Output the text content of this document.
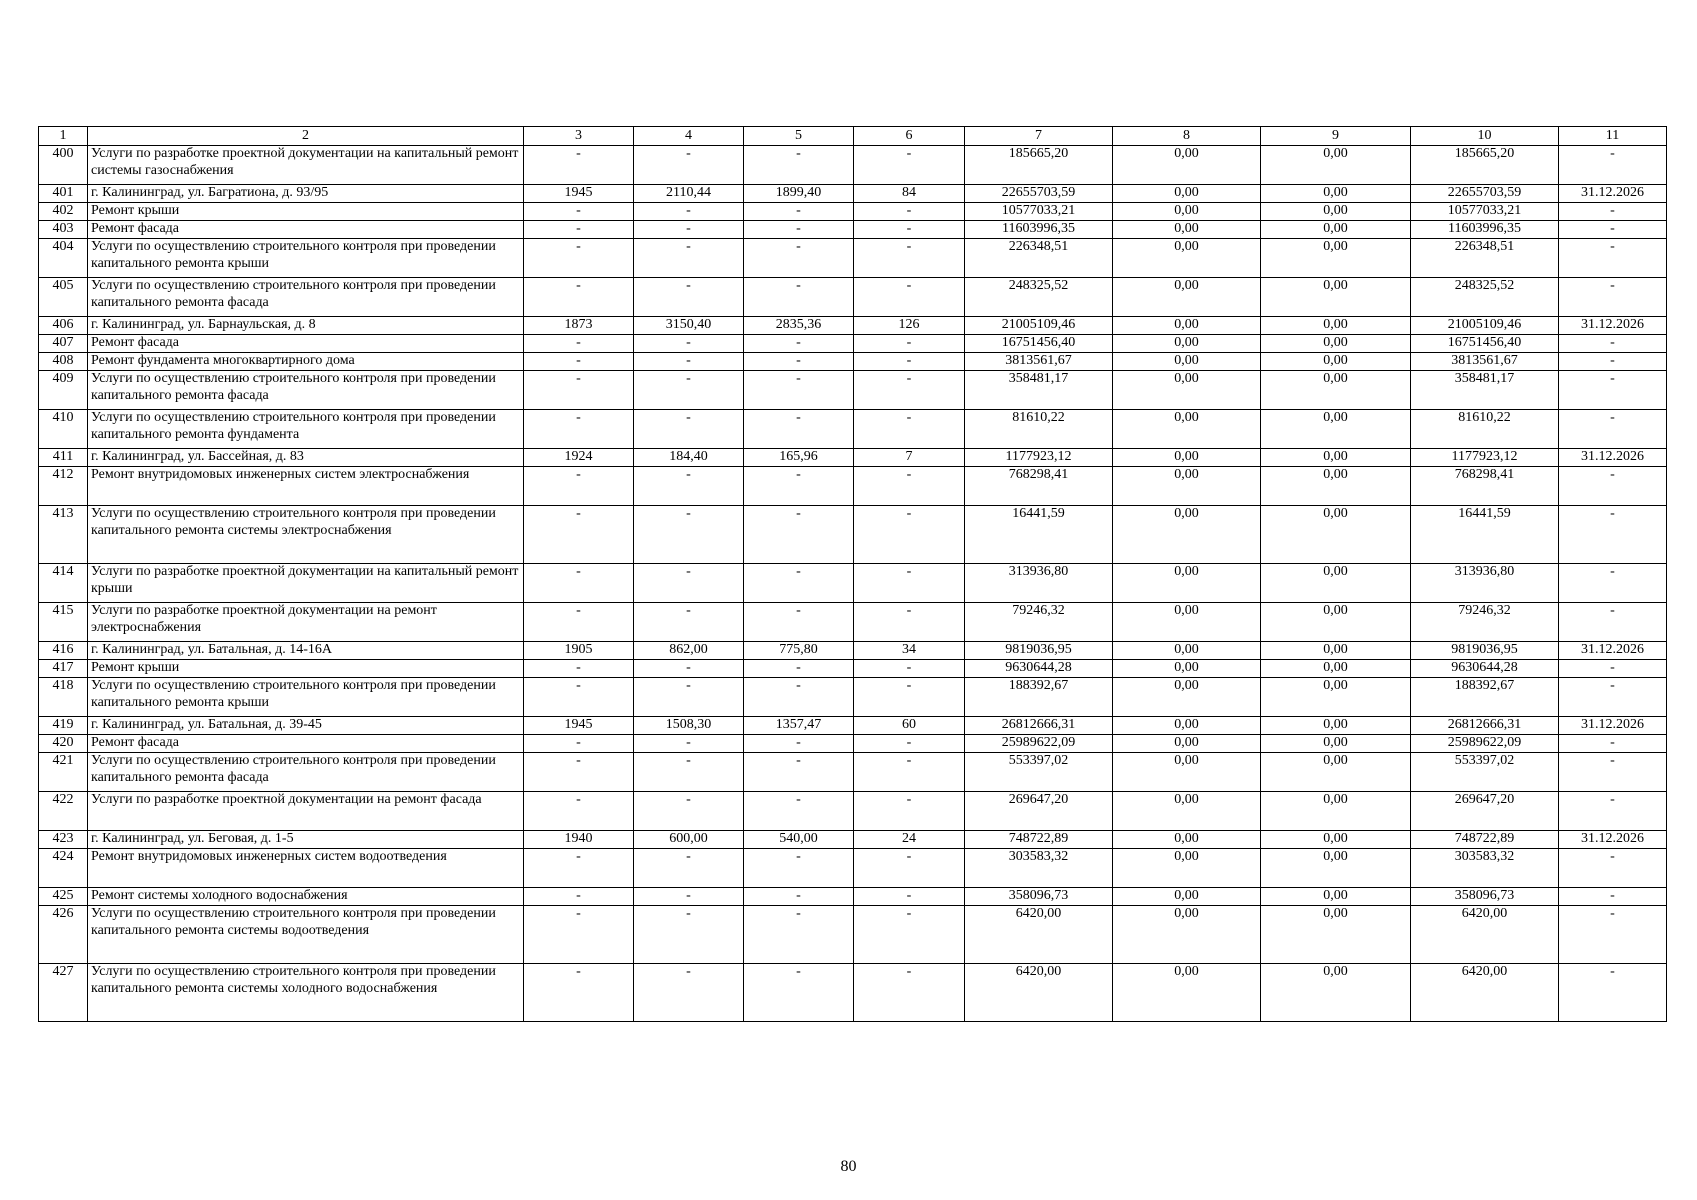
1	2	3	4	5	6	7	8	9	10	11
400	Услуги по разработке проектной документации на капитальный ремонт системы газоснабжения	-	-	-	-	185665,20	0,00	0,00	185665,20	-
401	г. Калининград, ул. Багратиона, д. 93/95	1945	2110,44	1899,40	84	22655703,59	0,00	0,00	22655703,59	31.12.2026
402	Ремонт крыши	-	-	-	-	10577033,21	0,00	0,00	10577033,21	-
403	Ремонт фасада	-	-	-	-	11603996,35	0,00	0,00	11603996,35	-
404	Услуги по осуществлению строительного контроля при проведении капитального ремонта крыши	-	-	-	-	226348,51	0,00	0,00	226348,51	-
405	Услуги по осуществлению строительного контроля при проведении капитального ремонта фасада	-	-	-	-	248325,52	0,00	0,00	248325,52	-
406	г. Калининград, ул. Барнаульская, д. 8	1873	3150,40	2835,36	126	21005109,46	0,00	0,00	21005109,46	31.12.2026
407	Ремонт фасада	-	-	-	-	16751456,40	0,00	0,00	16751456,40	-
408	Ремонт фундамента многоквартирного дома	-	-	-	-	3813561,67	0,00	0,00	3813561,67	-
409	Услуги по осуществлению строительного контроля при проведении капитального ремонта фасада	-	-	-	-	358481,17	0,00	0,00	358481,17	-
410	Услуги по осуществлению строительного контроля при проведении капитального ремонта фундамента	-	-	-	-	81610,22	0,00	0,00	81610,22	-
411	г. Калининград, ул. Бассейная, д. 83	1924	184,40	165,96	7	1177923,12	0,00	0,00	1177923,12	31.12.2026
412	Ремонт внутридомовых инженерных систем электроснабжения	-	-	-	-	768298,41	0,00	0,00	768298,41	-
413	Услуги по осуществлению строительного контроля при проведении капитального ремонта системы электроснабжения	-	-	-	-	16441,59	0,00	0,00	16441,59	-
414	Услуги по разработке проектной документации на капитальный ремонт крыши	-	-	-	-	313936,80	0,00	0,00	313936,80	-
415	Услуги по разработке проектной документации на ремонт электроснабжения	-	-	-	-	79246,32	0,00	0,00	79246,32	-
416	г. Калининград, ул. Батальная, д. 14-16А	1905	862,00	775,80	34	9819036,95	0,00	0,00	9819036,95	31.12.2026
417	Ремонт крыши	-	-	-	-	9630644,28	0,00	0,00	9630644,28	-
418	Услуги по осуществлению строительного контроля при проведении капитального ремонта крыши	-	-	-	-	188392,67	0,00	0,00	188392,67	-
419	г. Калининград, ул. Батальная, д. 39-45	1945	1508,30	1357,47	60	26812666,31	0,00	0,00	26812666,31	31.12.2026
420	Ремонт фасада	-	-	-	-	25989622,09	0,00	0,00	25989622,09	-
421	Услуги по осуществлению строительного контроля при проведении капитального ремонта фасада	-	-	-	-	553397,02	0,00	0,00	553397,02	-
422	Услуги по разработке проектной документации на ремонт фасада	-	-	-	-	269647,20	0,00	0,00	269647,20	-
423	г. Калининград, ул. Беговая, д. 1-5	1940	600,00	540,00	24	748722,89	0,00	0,00	748722,89	31.12.2026
424	Ремонт внутридомовых инженерных систем водоотведения	-	-	-	-	303583,32	0,00	0,00	303583,32	-
425	Ремонт системы холодного водоснабжения	-	-	-	-	358096,73	0,00	0,00	358096,73	-
426	Услуги по осуществлению строительного контроля при проведении капитального ремонта системы водоотведения	-	-	-	-	6420,00	0,00	0,00	6420,00	-
427	Услуги по осуществлению строительного контроля при проведении капитального ремонта системы холодного водоснабжения	-	-	-	-	6420,00	0,00	0,00	6420,00	-
80
